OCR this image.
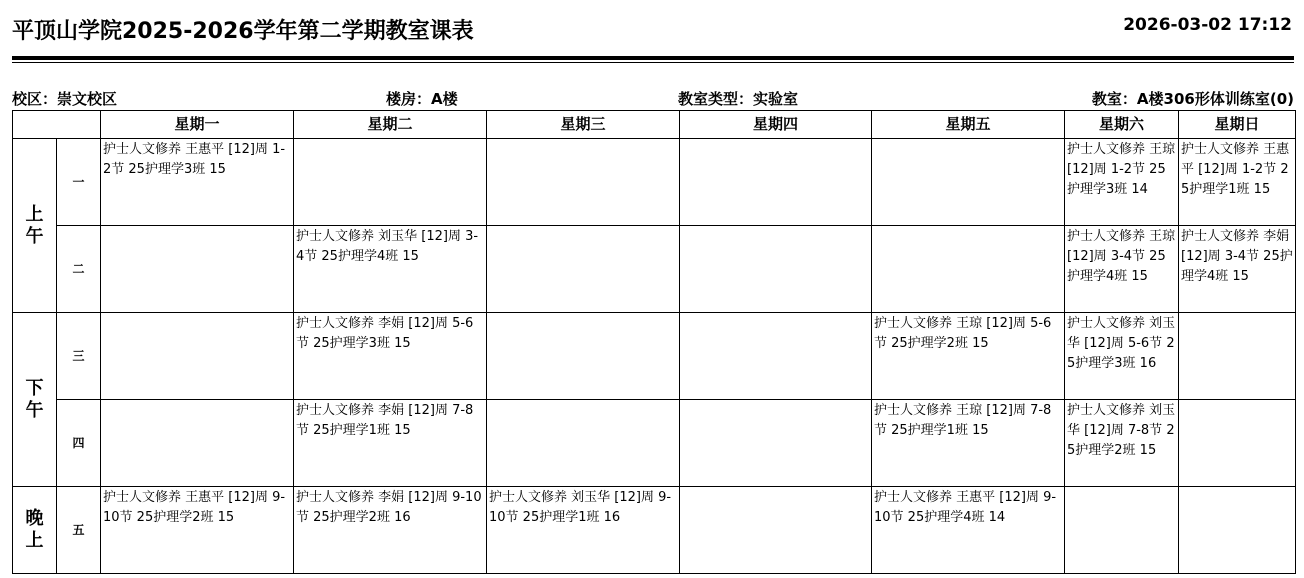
平顶山学院2025-2026学年第二学期教室课表	2026-03-02 17:12
校区：崇文校区	楼房：A楼	教室类型：实验室	教室：A楼306形体训练室(0)
		星期一	星期二	星期三	星期四	星期五	星期六	星期日
上午	一	护士人文修养 王惠平 [12]周 1-2节 25护理学3班 15					护士人文修养 王琼 [12]周 1-2节 25护理学3班 14	护士人文修养 王惠平 [12]周 1-2节 25护理学1班 15

	二		护士人文修养 刘玉华 [12]周 3-4节 25护理学4班 15				护士人文修养 王琼 [12]周 3-4节 25护理学4班 15	护士人文修养 李娟 [12]周 3-4节 25护理学4班 15

下午	三		护士人文修养 李娟 [12]周 5-6节 25护理学3班 15			护士人文修养 王琼 [12]周 5-6节 25护理学2班 15	护士人文修养 刘玉华 [12]周 5-6节 25护理学3班 16	

	四		护士人文修养 李娟 [12]周 7-8节 25护理学1班 15			护士人文修养 王琼 [12]周 7-8节 25护理学1班 15	护士人文修养 刘玉华 [12]周 7-8节 25护理学2班 15	

晚上	五	护士人文修养 王惠平 [12]周 9-10节 25护理学2班 15	护士人文修养 李娟 [12]周 9-10节 25护理学2班 16	护士人文修养 刘玉华 [12]周 9-10节 25护理学1班 16		护士人文修养 王惠平 [12]周 9-10节 25护理学4班 14		
